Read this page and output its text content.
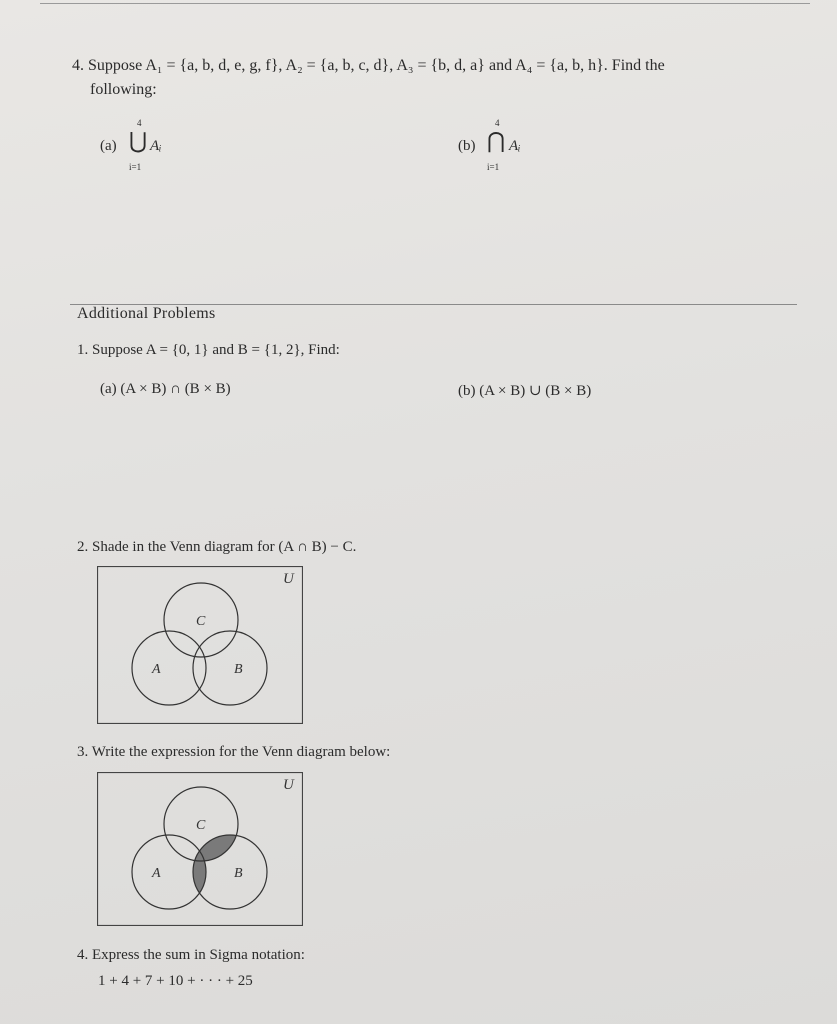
4. Suppose A₁ = {a, b, d, e, g, f}, A₂ = {a, b, c, d}, A₃ = {b, d, a} and A₄ = {a, b, h}. Find the
following:
(a)
4
⋃
i=1
Aᵢ	(b)
4
⋂
i=1
Aᵢ
Additional Problems
1. Suppose A = {0, 1} and B = {1, 2}, Find:
(a) (A × B) ∩ (B × B)	(b) (A × B) ∪ (B × B)
2. Shade in the Venn diagram for (A ∩ B) − C.
U
C
A	B
3. Write the expression for the Venn diagram below:
U
C
A	B
4. Express the sum in Sigma notation:
1 + 4 + 7 + 10 + · · · + 25
